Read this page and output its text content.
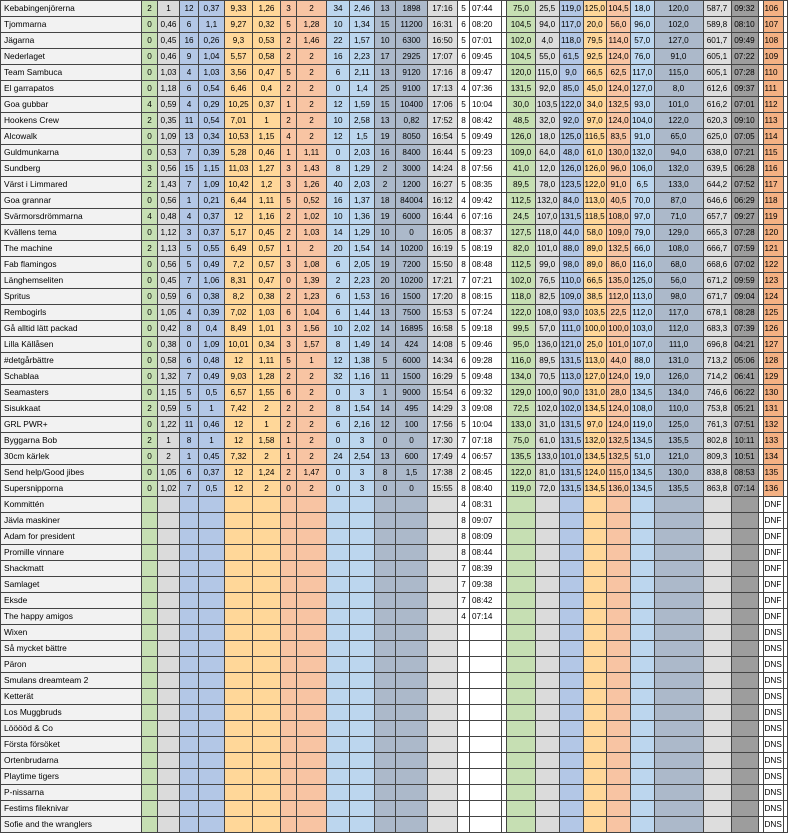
Kebabingenjörerna	2	1	12	0,37	9,33	1,26	3	2	34	2,46	13	1898	17:16	5	07:44		75,0	25,5	119,0	125,0	104,5	18,0	120,0	587,7	09:32		106	
Tjommarna	0	0,46	6	1,1	9,27	0,32	5	1,28	10	1,34	15	11200	16:31	6	08:20		104,5	94,0	117,0	20,0	56,0	96,0	102,0	589,8	08:10		107	
Jägarna	0	0,45	16	0,26	9,3	0,53	2	1,46	22	1,57	10	6300	16:50	5	07:01		102,0	4,0	118,0	79,5	114,0	57,0	127,0	601,7	09:49		108	
Nederlaget	0	0,46	9	1,04	5,57	0,58	2	2	16	2,23	17	2925	17:07	6	09:45		104,5	55,0	61,5	92,5	124,0	76,0	91,0	605,1	07:22		109	
Team Sambuca	0	1,03	4	1,03	3,56	0,47	5	2	6	2,11	13	9120	17:16	8	09:47		120,0	115,0	9,0	66,5	62,5	117,0	115,0	605,1	07:28		110	
El garrapatos	0	1,18	6	0,54	6,46	0,4	2	2	0	1,4	25	9100	17:13	4	07:36		131,5	92,0	85,0	45,0	124,0	127,0	8,0	612,6	09:37		111	
Goa gubbar	4	0,59	4	0,29	10,25	0,37	1	2	12	1,59	15	10400	17:06	5	10:04		30,0	103,5	122,0	34,0	132,5	93,0	101,0	616,2	07:01		112	
Hookens Crew	2	0,35	11	0,54	7,01	1	2	2	10	2,58	13	0,82	17:52	8	08:42		48,5	32,0	92,0	97,0	124,0	104,0	122,0	620,3	09:10		113	
Alcowalk	0	1,09	13	0,34	10,53	1,15	4	2	12	1,5	19	8050	16:54	5	09:49		126,0	18,0	125,0	116,5	83,5	91,0	65,0	625,0	07:05		114	
Guldmunkarna	0	0,53	7	0,39	5,28	0,46	1	1,11	0	2,03	16	8400	16:44	5	09:23		109,0	64,0	48,0	61,0	130,0	132,0	94,0	638,0	07:21		115	
Sundberg	3	0,56	15	1,15	11,03	1,27	3	1,43	8	1,29	2	3000	14:24	8	07:56		41,0	12,0	126,0	126,0	96,0	106,0	132,0	639,5	06:28		116	
Värst i Limmared	2	1,43	7	1,09	10,42	1,2	3	1,26	40	2,03	2	1200	16:27	5	08:35		89,5	78,0	123,5	122,0	91,0	6,5	133,0	644,2	07:52		117	
Goa grannar	0	0,56	1	0,21	6,44	1,11	5	0,52	16	1,37	18	84004	16:12	4	09:42		112,5	132,0	84,0	113,0	40,5	70,0	87,0	646,6	06:29		118	
Svärmorsdrömmarna	4	0,48	4	0,37	12	1,16	2	1,02	10	1,36	19	6000	16:44	6	07:16		24,5	107,0	131,5	118,5	108,0	97,0	71,0	657,7	09:27		119	
Kvällens tema	0	1,12	3	0,37	5,17	0,45	2	1,03	14	1,29	10	0	16:05	8	08:37		127,5	118,0	44,0	58,0	109,0	79,0	129,0	665,3	07:28		120	
The machine	2	1,13	5	0,55	6,49	0,57	1	2	20	1,54	14	10200	16:19	5	08:19		82,0	101,0	88,0	89,0	132,5	66,0	108,0	666,7	07:59		121	
Fab flamingos	0	0,56	5	0,49	7,2	0,57	3	1,08	6	2,05	19	7200	15:50	8	08:48		112,5	99,0	98,0	89,0	86,0	116,0	68,0	668,6	07:02		122	
Länghemseliten	0	0,45	7	1,06	8,31	0,47	0	1,39	2	2,23	20	10200	17:21	7	07:21		102,0	76,5	110,0	66,5	135,0	125,0	56,0	671,2	09:59		123	
Spritus	0	0,59	6	0,38	8,2	0,38	2	1,23	6	1,53	16	1500	17:20	8	08:15		118,0	82,5	109,0	38,5	112,0	113,0	98,0	671,7	09:04		124	
Rembogirls	0	1,05	4	0,39	7,02	1,03	6	1,04	6	1,44	13	7500	15:53	5	07:24		122,0	108,0	93,0	103,5	22,5	112,0	117,0	678,1	08:28		125	
Gå alltid lätt packad	0	0,42	8	0,4	8,49	1,01	3	1,56	10	2,02	14	16895	16:58	5	09:18		99,5	57,0	111,0	100,0	100,0	103,0	112,0	683,3	07:39		126	
Lilla Källåsen	0	0,38	0	1,09	10,01	0,34	3	1,57	8	1,49	14	424	14:08	5	09:46		95,0	136,0	121,0	25,0	101,0	107,0	111,0	696,8	04:21		127	
#detgårbättre	0	0,58	6	0,48	12	1,11	5	1	12	1,38	5	6000	14:34	6	09:28		116,0	89,5	131,5	113,0	44,0	88,0	131,0	713,2	05:06		128	
Schablaa	0	1,32	7	0,49	9,03	1,28	2	2	32	1,16	11	1500	16:29	5	09:48		134,0	70,5	113,0	127,0	124,0	19,0	126,0	714,2	06:41		129	
Seamasters	0	1,15	5	0,5	6,57	1,55	6	2	0	3	1	9000	15:54	6	09:32		129,0	100,0	90,0	131,0	28,0	134,5	134,0	746,6	06:22		130	
Sisukkaat	2	0,59	5	1	7,42	2	2	2	8	1,54	14	495	14:29	3	09:08		72,5	102,0	102,0	134,5	124,0	108,0	110,0	753,8	05:21		131	
GRL PWR+	0	1,22	11	0,46	12	1	2	2	6	2,16	12	100	17:56	5	10:04		133,0	31,0	131,5	97,0	124,0	119,0	125,0	761,3	07:51		132	
Byggarna Bob	2	1	8	1	12	1,58	1	2	0	3	0	0	17:30	7	07:18		75,0	61,0	131,5	132,0	132,5	134,5	135,5	802,8	10:11		133	
30cm kärlek	0	2	1	0,45	7,32	2	1	2	24	2,54	13	600	17:49	4	06:57		135,5	133,0	101,0	134,5	132,5	51,0	121,0	809,3	10:51		134	
Send help/Good jibes	0	1,05	6	0,37	12	1,24	2	1,47	0	3	8	1,5	17:38	2	08:45		122,0	81,0	131,5	124,0	115,0	134,5	130,0	838,8	08:53		135	
Supersnipporna	0	1,02	7	0,5	12	2	0	2	0	3	0	0	15:55	8	08:40		119,0	72,0	131,5	134,5	136,0	134,5	135,5	863,8	07:14		136	
Kommittén														4	08:31												DNF	
Jävla maskiner														8	09:07												DNF	
Adam for president														8	08:09												DNF	
Promille vinnare														8	08:44												DNF	
Shackmatt														7	08:39												DNF	
Samlaget														7	09:38												DNF	
Eksde														7	08:42												DNF	
The happy amigos														4	07:14												DNF	
Wixen																											DNS	
Så mycket bättre																											DNS	
Päron																											DNS	
Smulans dreamteam 2																											DNS	
Ketterät																											DNS	
Los Muggbruds																											DNS	
Lööööd & Co																											DNS	
Första försöket																											DNS	
Ortenbrudarna																											DNS	
Playtime tigers																											DNS	
P-nissarna																											DNS	
Festims fileknivar																											DNS	
Sofie and the wranglers																											DNS	
